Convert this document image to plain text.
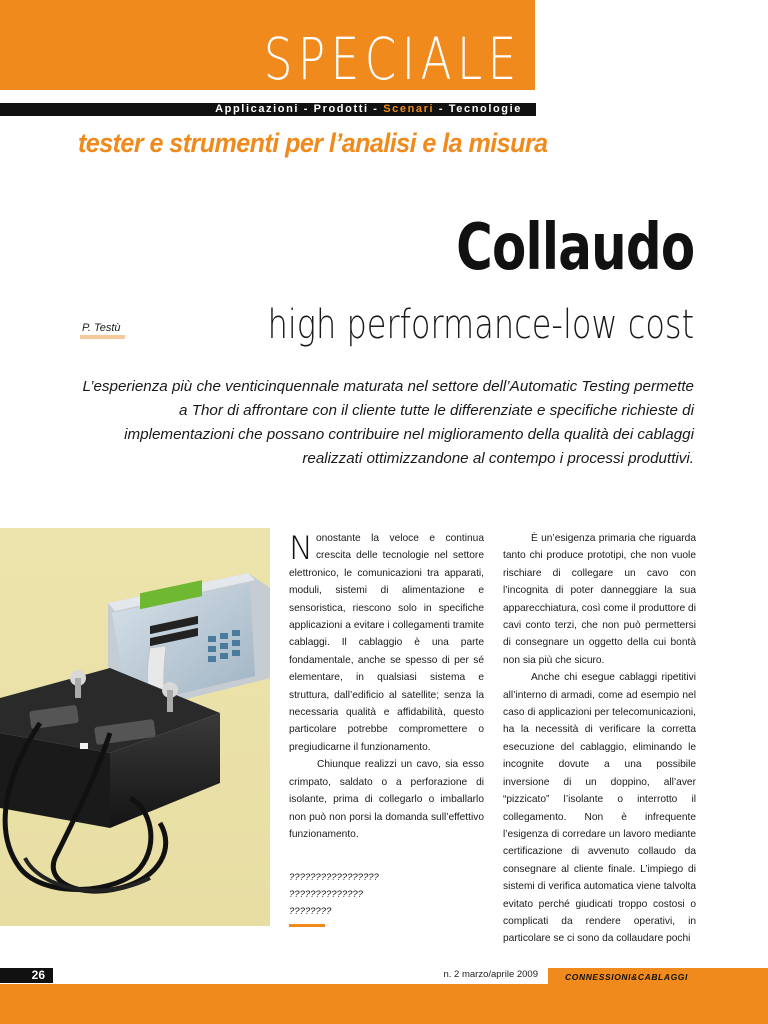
SPECIALE
Applicazioni - Prodotti - Scenari - Tecnologie
tester e strumenti per l’analisi e la misura
Collaudo
high performance-low cost
P. Testù

L’esperienza più che venticinquennale maturata nel settore dell’Automatic Testing permette a Thor di affrontare con il cliente tutte le differenziate e specifiche richieste di implementazioni che possano contribuire nel miglioramento della qualità dei cablaggi realizzati ottimizzandone al contempo i processi produttivi.

Nonostante la veloce e continua crescita delle tecnologie nel settore elettronico, le comunicazioni tra apparati, moduli, sistemi di alimentazione e sensoristica, riescono solo in specifiche applicazioni a evitare i collegamenti tramite cablaggi. Il cablaggio è una parte fondamentale, anche se spesso di per sé elementare, in qualsiasi sistema e struttura, dall’edificio al satellite; senza la necessaria qualità e affidabilità, questo particolare potrebbe compromettere o pregiudicarne il funzionamento.

Chiunque realizzi un cavo, sia esso crimpato, saldato o a perforazione di isolante, prima di collegarlo o imballarlo non può non porsi la domanda sull’effettivo funzionamento.

?????????????????
??????????????
????????

È un’esigenza primaria che riguarda tanto chi produce prototipi, che non vuole rischiare di collegare un cavo con l’incognita di poter danneggiare la sua apparecchiatura, così come il produttore di cavi conto terzi, che non può permettersi di consegnare un oggetto della cui bontà non sia più che sicuro.

Anche chi esegue cablaggi ripetitivi all’interno di armadi, come ad esempio nel caso di applicazioni per telecomunicazioni, ha la necessità di verificare la corretta esecuzione del cablaggio, eliminando le incognite dovute a una possibile inversione di un doppino, all’aver “pizzicato” l’isolante o interrotto il collegamento. Non è infrequente l’esigenza di corredare un lavoro mediante certificazione di avvenuto collaudo da consegnare al cliente finale. L’impiego di sistemi di verifica automatica viene talvolta evitato perché giudicati troppo costosi o complicati da rendere operativi, in particolare se ci sono da collaudare pochi

26	n. 2 marzo/aprile 2009	CONNESSIONI&CABLAGGI
